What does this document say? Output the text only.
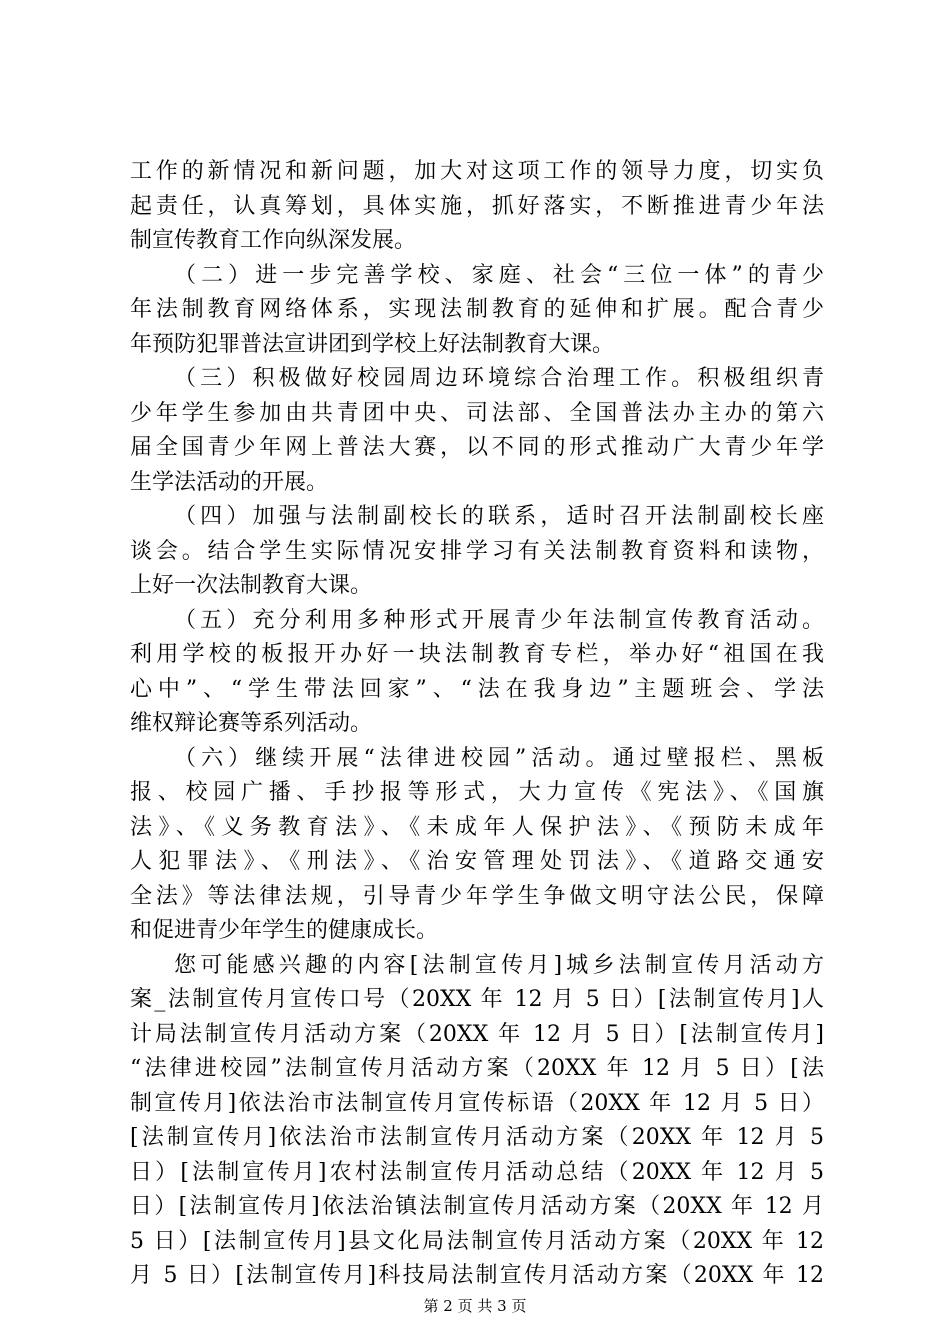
工作的新情况和新问题，加大对这项工作的领导力度，切实负
起责任，认真筹划，具体实施，抓好落实，不断推进青少年法
制宣传教育工作向纵深发展。
（二）进一步完善学校、家庭、社会“三位一体”的青少
年法制教育网络体系，实现法制教育的延伸和扩展。配合青少
年预防犯罪普法宣讲团到学校上好法制教育大课。
（三）积极做好校园周边环境综合治理工作。积极组织青
少年学生参加由共青团中央、司法部、全国普法办主办的第六
届全国青少年网上普法大赛，以不同的形式推动广大青少年学
生学法活动的开展。
（四）加强与法制副校长的联系，适时召开法制副校长座
谈会。结合学生实际情况安排学习有关法制教育资料和读物，
上好一次法制教育大课。
（五）充分利用多种形式开展青少年法制宣传教育活动。
利用学校的板报开办好一块法制教育专栏，举办好“祖国在我
心中”、“学生带法回家”、“法在我身边”主题班会、学法
维权辩论赛等系列活动。
（六）继续开展“法律进校园”活动。通过壁报栏、黑板
报、校园广播、手抄报等形式，大力宣传《宪法》、《国旗
法》、《义务教育法》、《未成年人保护法》、《预防未成年
人犯罪法》、《刑法》、《治安管理处罚法》、《道路交通安
全法》等法律法规，引导青少年学生争做文明守法公民，保障
和促进青少年学生的健康成长。
您可能感兴趣的内容[法制宣传月]城乡法制宣传月活动方
案_法制宣传月宣传口号（20XX 年 12 月 5 日）[法制宣传月]人
计局法制宣传月活动方案（20XX 年 12 月 5 日）[法制宣传月]
“法律进校园”法制宣传月活动方案（20XX 年 12 月 5 日）[法
制宣传月]依法治市法制宣传月宣传标语（20XX 年 12 月 5 日）
[法制宣传月]依法治市法制宣传月活动方案（20XX 年 12 月 5
日）[法制宣传月]农村法制宣传月活动总结（20XX 年 12 月 5
日）[法制宣传月]依法治镇法制宣传月活动方案（20XX 年 12 月
5 日）[法制宣传月]县文化局法制宣传月活动方案（20XX 年 12
月 5 日）[法制宣传月]科技局法制宣传月活动方案（20XX 年 12
第 2 页 共 3 页
